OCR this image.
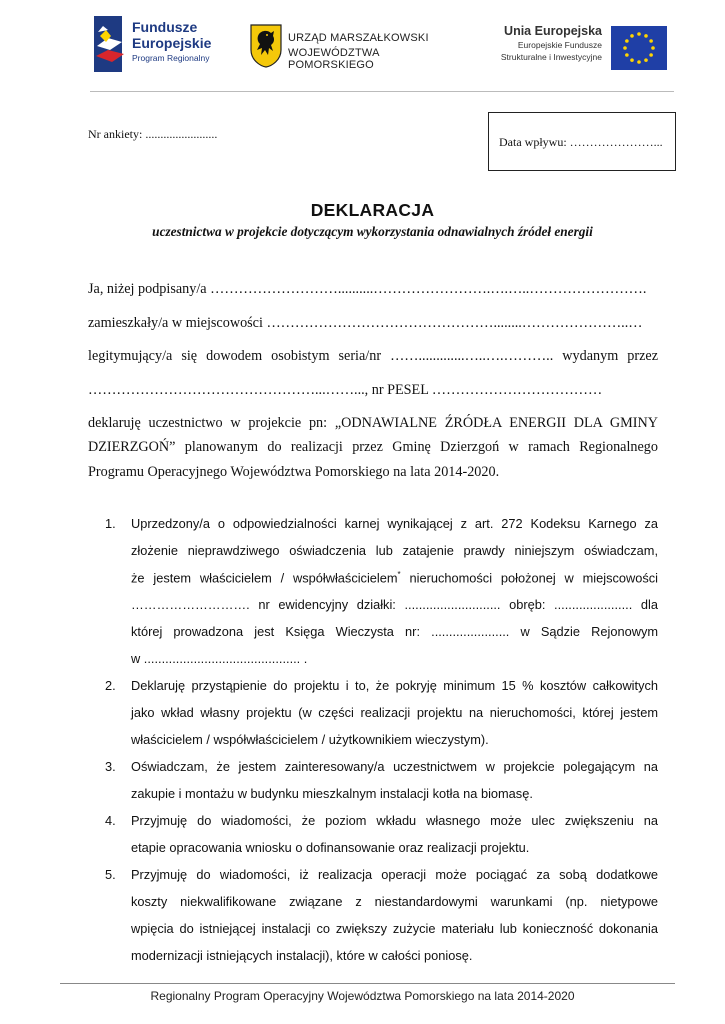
Fundusze
Europejskie
Program Regionalny
URZĄD MARSZAŁKOWSKI
WOJEWÓDZTWA POMORSKIEGO
Unia Europejska
Europejskie Fundusze
Strukturalne i Inwestycyjne
Nr ankiety: ........................
Data wpływu: …………………...
DEKLARACJA
uczestnictwa w projekcie dotyczącym wykorzystania odnawialnych źródeł energii
Ja, niżej podpisany/a ………………………..........…………………….….…..…………………….
zamieszkały/a w miejscowości …………………………………………........…………………..…
legitymujący/a się dowodem osobistym seria/nr …….............…..….……….. wydanym przez
…………………………………………...……..., nr PESEL ………………………………
deklaruję uczestnictwo w projekcie pn: „ODNAWIALNE ŹRÓDŁA ENERGII DLA GMINY
DZIERZGOŃ” planowanym do realizacji przez Gminę Dzierzgoń w ramach Regionalnego
Programu Operacyjnego Województwa Pomorskiego na lata 2014-2020.
1. Uprzedzony/a o odpowiedzialności karnej wynikającej z art. 272 Kodeksu Karnego za
złożenie nieprawdziwego oświadczenia lub zatajenie prawdy niniejszym oświadczam,
że jestem właścicielem / współwłaścicielem* nieruchomości położonej w miejscowości
………………………. nr ewidencyjny działki: ........................... obręb: ...................... dla
której prowadzona jest Księga Wieczysta nr: ...................... w Sądzie Rejonowym
w ............................................ .
2. Deklaruję przystąpienie do projektu i to, że pokryję minimum 15 % kosztów całkowitych
jako wkład własny projektu (w części realizacji projektu na nieruchomości, której jestem
właścicielem / współwłaścicielem / użytkownikiem wieczystym).
3. Oświadczam, że jestem zainteresowany/a uczestnictwem w projekcie polegającym na
zakupie i montażu w budynku mieszkalnym instalacji kotła na biomasę.
4. Przyjmuję do wiadomości, że poziom wkładu własnego może ulec zwiększeniu na
etapie opracowania wniosku o dofinansowanie oraz realizacji projektu.
5. Przyjmuję do wiadomości, iż realizacja operacji może pociągać za sobą dodatkowe
koszty niekwalifikowane związane z niestandardowymi warunkami (np. nietypowe
wpięcia do istniejącej instalacji co zwiększy zużycie materiału lub konieczność dokonania
modernizacji istniejących instalacji), które w całości poniosę.
Regionalny Program Operacyjny Województwa Pomorskiego na lata 2014-2020
